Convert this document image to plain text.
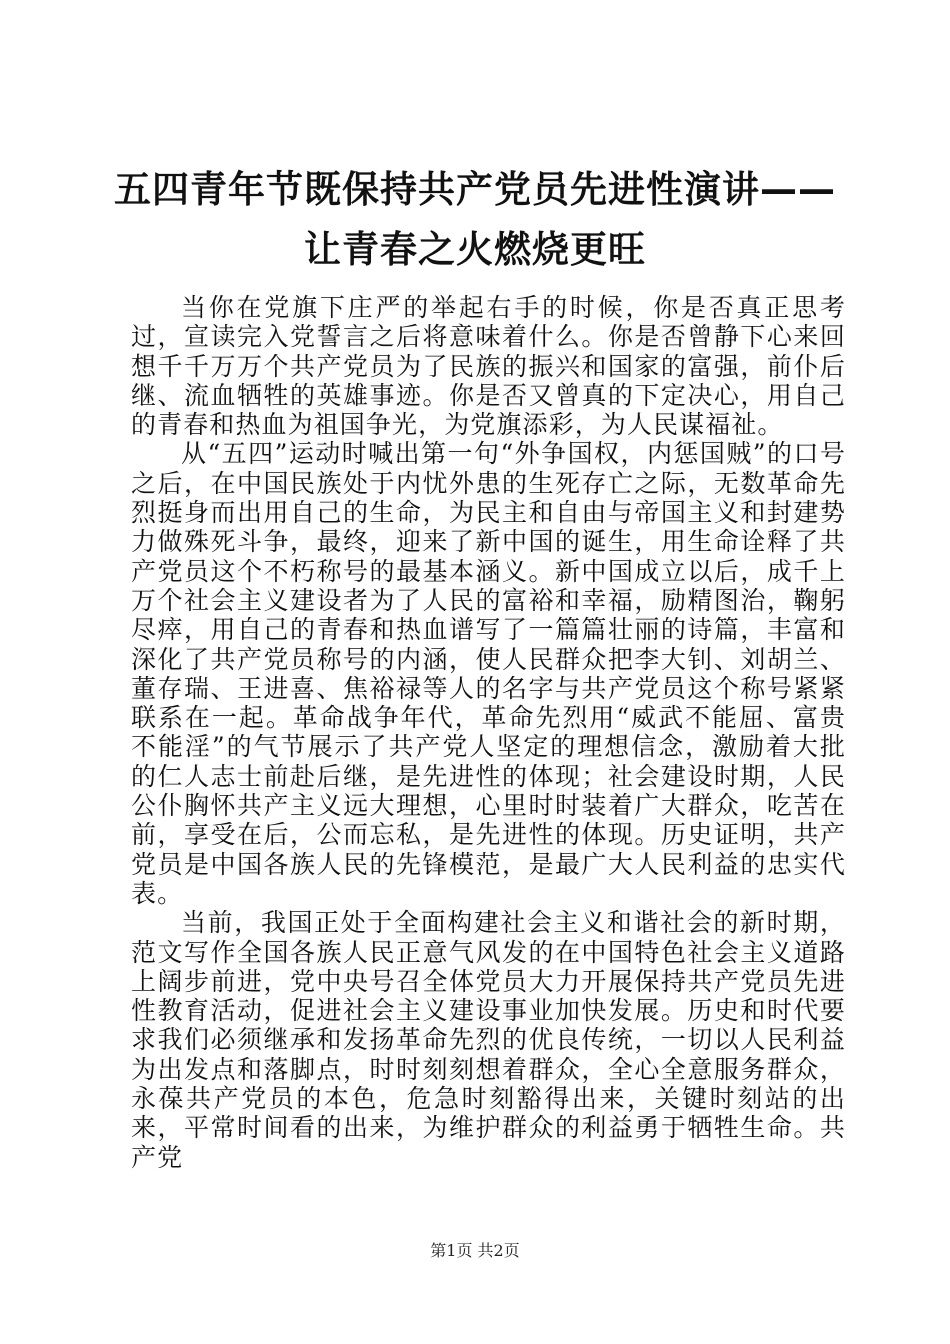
五四青年节既保持共产党员先进性演讲——让青春之火燃烧更旺

当你在党旗下庄严的举起右手的时候，你是否真正思考过，宣读完入党誓言之后将意味着什么。你是否曾静下心来回想千千万万个共产党员为了民族的振兴和国家的富强，前仆后继、流血牺牲的英雄事迹。你是否又曾真的下定决心，用自己的青春和热血为祖国争光，为党旗添彩，为人民谋福祉。

从“五四”运动时喊出第一句“外争国权，内惩国贼”的口号之后，在中国民族处于内忧外患的生死存亡之际，无数革命先烈挺身而出用自己的生命，为民主和自由与帝国主义和封建势力做殊死斗争，最终，迎来了新中国的诞生，用生命诠释了共产党员这个不朽称号的最基本涵义。新中国成立以后，成千上万个社会主义建设者为了人民的富裕和幸福，励精图治，鞠躬尽瘁，用自己的青春和热血谱写了一篇篇壮丽的诗篇，丰富和深化了共产党员称号的内涵，使人民群众把李大钊、刘胡兰、董存瑞、王进喜、焦裕禄等人的名字与共产党员这个称号紧紧联系在一起。革命战争年代，革命先烈用“威武不能屈、富贵不能淫”的气节展示了共产党人坚定的理想信念，激励着大批的仁人志士前赴后继，是先进性的体现；社会建设时期，人民公仆胸怀共产主义远大理想，心里时时装着广大群众，吃苦在前，享受在后，公而忘私，是先进性的体现。历史证明，共产党员是中国各族人民的先锋模范，是最广大人民利益的忠实代表。

当前，我国正处于全面构建社会主义和谐社会的新时期，范文写作全国各族人民正意气风发的在中国特色社会主义道路上阔步前进，党中央号召全体党员大力开展保持共产党员先进性教育活动，促进社会主义建设事业加快发展。历史和时代要求我们必须继承和发扬革命先烈的优良传统，一切以人民利益为出发点和落脚点，时时刻刻想着群众，全心全意服务群众，永葆共产党员的本色，危急时刻豁得出来，关键时刻站的出来，平常时间看的出来，为维护群众的利益勇于牺牲生命。共产党

第1页 共2页
